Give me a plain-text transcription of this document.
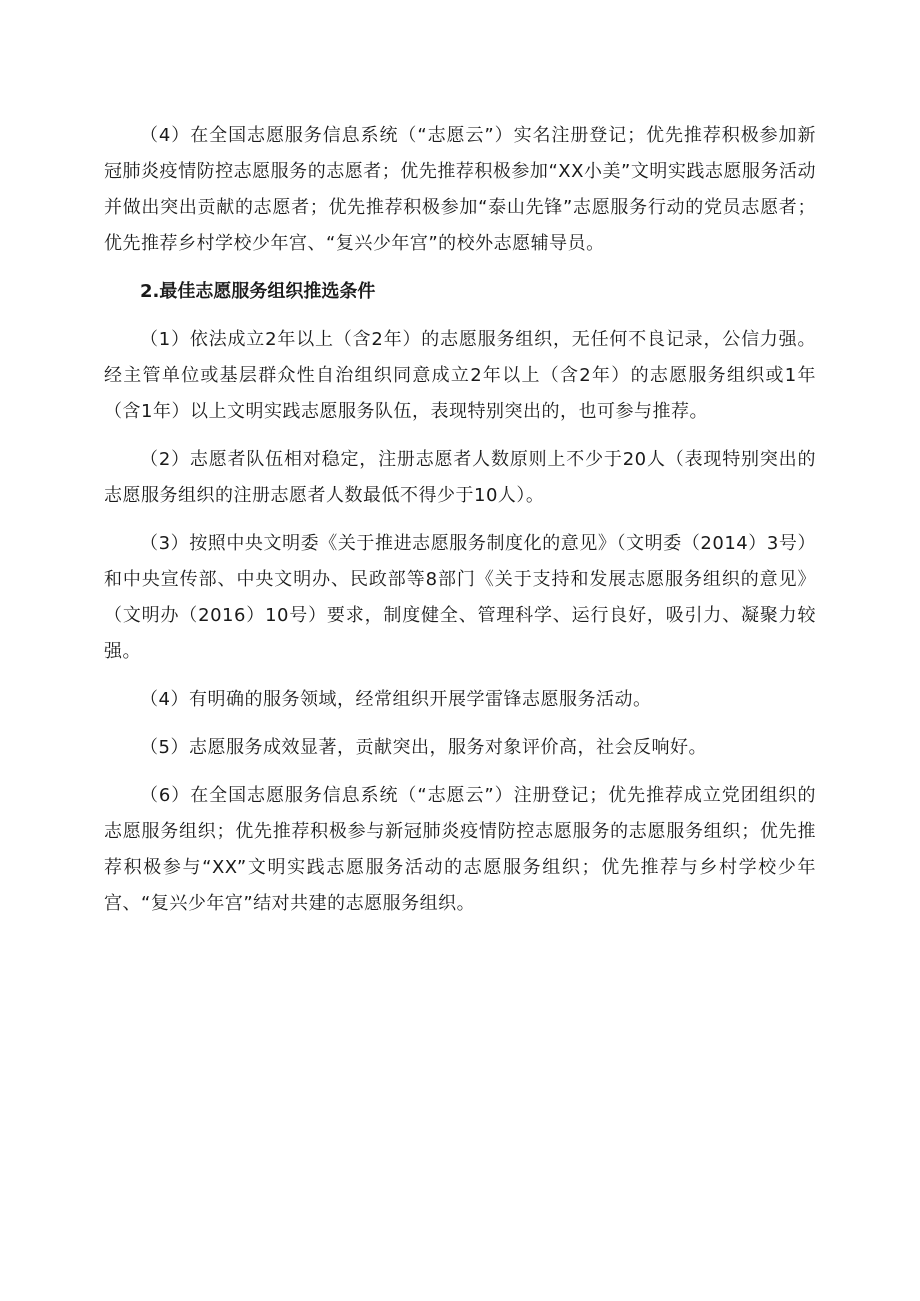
（4）在全国志愿服务信息系统（“志愿云”）实名注册登记；优先推荐积极参加新冠肺炎疫情防控志愿服务的志愿者；优先推荐积极参加“XX小美”文明实践志愿服务活动并做出突出贡献的志愿者；优先推荐积极参加“泰山先锋”志愿服务行动的党员志愿者；优先推荐乡村学校少年宫、“复兴少年宫”的校外志愿辅导员。

2.最佳志愿服务组织推选条件

（1）依法成立2年以上（含2年）的志愿服务组织，无任何不良记录，公信力强。经主管单位或基层群众性自治组织同意成立2年以上（含2年）的志愿服务组织或1年（含1年）以上文明实践志愿服务队伍，表现特别突出的，也可参与推荐。

（2）志愿者队伍相对稳定，注册志愿者人数原则上不少于20人（表现特别突出的志愿服务组织的注册志愿者人数最低不得少于10人）。

（3）按照中央文明委《关于推进志愿服务制度化的意见》（文明委（2014）3号）和中央宣传部、中央文明办、民政部等8部门《关于支持和发展志愿服务组织的意见》（文明办（2016）10号）要求，制度健全、管理科学、运行良好，吸引力、凝聚力较强。

（4）有明确的服务领域，经常组织开展学雷锋志愿服务活动。

（5）志愿服务成效显著，贡献突出，服务对象评价高，社会反响好。

（6）在全国志愿服务信息系统（“志愿云”）注册登记；优先推荐成立党团组织的志愿服务组织；优先推荐积极参与新冠肺炎疫情防控志愿服务的志愿服务组织；优先推荐积极参与“XX”文明实践志愿服务活动的志愿服务组织；优先推荐与乡村学校少年宫、“复兴少年宫”结对共建的志愿服务组织。
